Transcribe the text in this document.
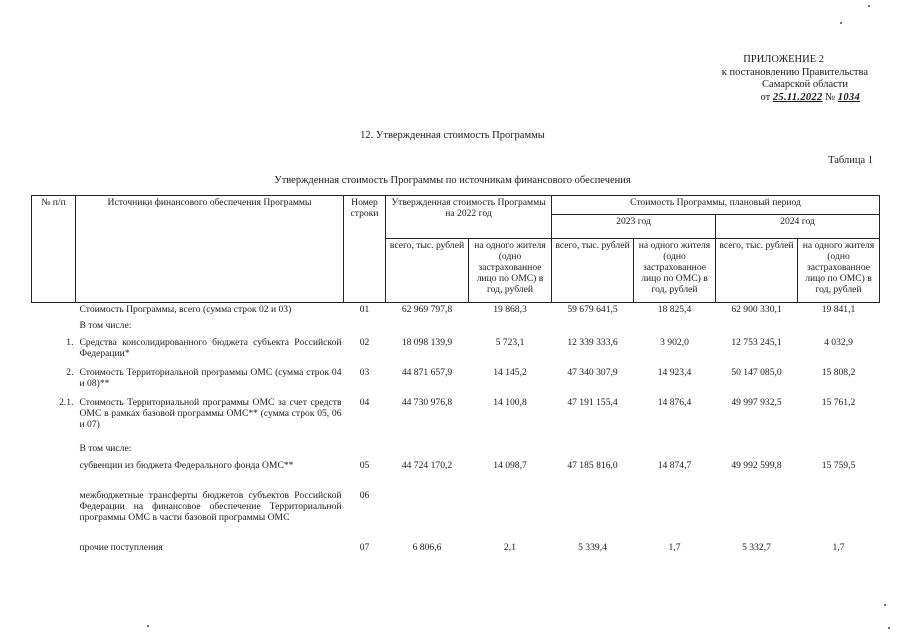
ПРИЛОЖЕНИЕ 2
к постановлению Правительства
Самарской области
от 25.11.2022 № 1034
12. Утвержденная стоимость Программы
Таблица 1
Утвержденная стоимость Программы по источникам финансового обеспечения
№ п/п	Источники финансового обеспечения Программы	Номер строки	Утвержденная стоимость Программы на 2022 год		Стоимость Программы, плановый период			
					2023 год		2024 год	
			всего, тыс. рублей	на одного жителя (одно застрахованное лицо по ОМС) в год, рублей	всего, тыс. рублей	на одного жителя (одно застрахованное лицо по ОМС) в год, рублей	всего, тыс. рублей	на одного жителя (одно застрахованное лицо по ОМС) в год, рублей
	Стоимость Программы, всего (сумма строк 02 и 03)	01	62 969 797,8	19 868,3	59 679 641,5	18 825,4	62 900 330,1	19 841,1
	В том числе:							
1.	Средства консолидированного бюджета субъекта Российской Федерации*	02	18 098 139,9	5 723,1	12 339 333,6	3 902,0	12 753 245,1	4 032,9
2.	Стоимость Территориальной программы ОМС (сумма строк 04 и 08)**	03	44 871 657,9	14 145,2	47 340 307,9	14 923,4	50 147 085,0	15 808,2
2.1.	Стоимость Территориальной программы ОМС за счет средств ОМС в рамках базовой программы ОМС** (сумма строк 05, 06 и 07)	04	44 730 976,8	14 100,8	47 191 155,4	14 876,4	49 997 932,5	15 761,2
	В том числе:							
	субвенции из бюджета Федерального фонда ОМС**	05	44 724 170,2	14 098,7	47 185 816,0	14 874,7	49 992 599,8	15 759,5
	межбюджетные трансферты бюджетов субъектов Российской Федерации на финансовое обеспечение Территориальной программы ОМС в части базовой программы ОМС	06						
	прочие поступления	07	6 806,6	2,1	5 339,4	1,7	5 332,7	1,7
